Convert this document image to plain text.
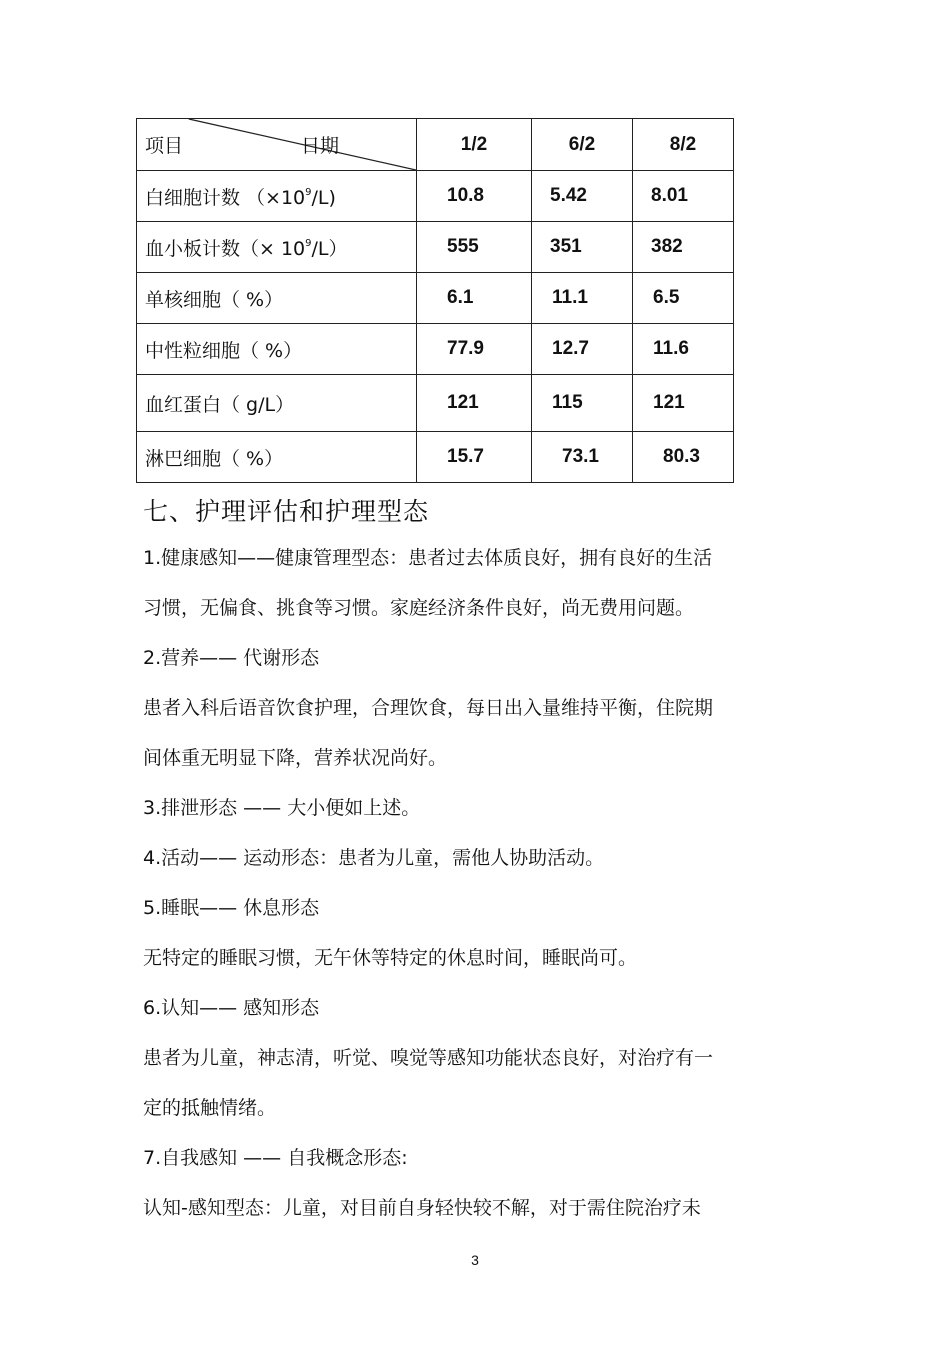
项目 日期	1/2	6/2	8/2
白细胞计数 $(\times 10^9/L)$	10.8	5.42	8.01
血小板计数（× $10^9/L$）	555	351	382
单核细胞（ %）	6.1	11.1	6.5
中性粒细胞（ %）	77.9	12.7	11.6
血红蛋白（ g/L）	121	115	121
淋巴细胞（ %）	15.7	73.1	80.3
七、护理评估和护理型态
1.健康感知——健康管理型态：患者过去体质良好，拥有良好的生活
习惯，无偏食、挑食等习惯。家庭经济条件良好，尚无费用问题。
2.营养—— 代谢形态
患者入科后语音饮食护理，合理饮食，每日出入量维持平衡，住院期
间体重无明显下降，营养状况尚好。
3.排泄形态 —— 大小便如上述。
4.活动—— 运动形态：患者为儿童，需他人协助活动。
5.睡眠—— 休息形态
无特定的睡眠习惯，无午休等特定的休息时间，睡眠尚可。
6.认知—— 感知形态
患者为儿童，神志清，听觉、嗅觉等感知功能状态良好，对治疗有一
定的抵触情绪。
7.自我感知 —— 自我概念形态:
认知-感知型态：儿童，对目前自身轻快较不解，对于需住院治疗未
3
